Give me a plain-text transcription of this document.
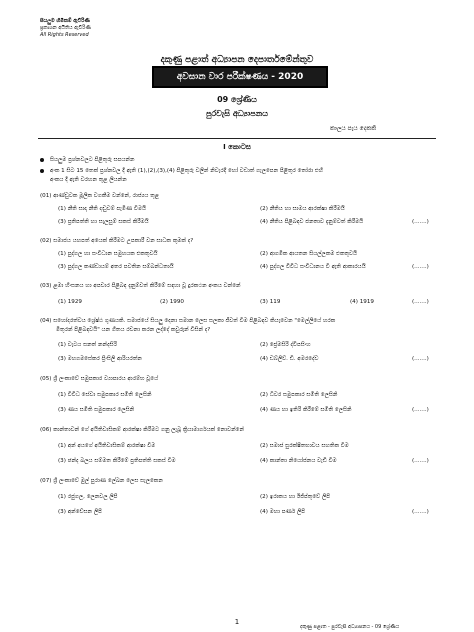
සියලුම හිමිකම් ඇවිරිණි
ප්‍රකාශන අයිතිය ඇවිරිණි
All Rights Reserved
දකුණු පළාත් අධ්‍යාපන දෙපාර්තමේන්තුව
අවසාන වාර පරීක්ෂණය - 2020
09 ශ්‍රේණිය
පුරවැසි අධ්‍යාපනය
කාලය පැය දෙකකි
I කොටස
සියලුම ප්‍රශ්නවලට පිළිතුරු සපයන්න
අංක 1 සිට 15 තෙක් ප්‍රශ්නවල දී ඇති (1),(2),(3),(4) පිළිතුරු වලින් නිවැරදි හෝ වඩාත් ගැලපෙන පිළිතුර තෝරා එහි
අංකය දී ඇති වරහන තුළ ලියන්න
(01) ආණ්ඩුවක මූලික වගකීම වන්නේ, රාජ්‍යය තුළ
(1) නීති සාදා නීති දඬුවම් පැමිණ වීමයි	(2) නීතිය හා සාමය ආරක්ෂා කිරීමයි
(3) ප්‍රතිපත්ති හා සැලසුම් සකස් කිරීමයි	(4) නීතිය පිළිබඳව ජනතාව දැනුම්වත් කිරීමයි	(.......)
(02) සමාජය යහපත් අයෙක් කිරීමට උපකාරී වන සාධක කුමක් ද?
(1) පුද්ගල හා සංවිධාන සමුහයක එකතුවයි	(2) ආගමික ආයතන සියල්ලකම එකතුවයි
(3) පුද්ගල කණ්ඩායම් අතර පවතින සම්බන්ධතායි	(4) පුද්ගල විවිධ සංවිධානය වී ඇති ආකාරයයි	(.......)
(03) ළමා හිංසනය හා අපචාර පිළිබඳ දැනුම්වත් කිරීමේ සඳහා වූ දුරකථන අංකය වන්නේ
(1) 1929	(2) 1990	(3) 119	(4) 1919	(.......)
(04) සහෝදරත්වය ශ්‍රේෂ්ඨ ගුණයකි. සමාජයේ සියලු දෙනා සමාන ලෙස සලකා ජීවත් වීම පිළිබඳව කියැවෙන "මෙල්ලියේ හරක
මිතුරන් පිළිබඳවයි" යන ගීතය රචනා කරන ලද්දේ කවුරුන් විසින් ද?
(1) වැටය සනත් නන්දසිරි	(2) ප්‍රේමසිරි ද්වීපසිංහ
(3) මහගමසේකර ප්‍රිංසිලි ආරියරත්න	(4) ඩබ්ලිව්. ඩී. අමරදේව	(.......)
(05) ශ්‍රී ලංකාවේ සමුපකාර ව්‍යාපාරය ආරම්භ වූයේ
(1) වීවිධ සේවා සමුපකාර සමිති ලෙසිනි	(2) ධීවර සමුපකාර සමිති ලෙසිනි
(3) ණය සමිති සමුපකාර ලෙසිනි	(4) ණය හා ඉතිරි කිරීමේ සමිති ලෙසිනි	(.......)
(06) කාන්තාවන් ගේ අයිතිවාසිකම් ආරක්ෂා කිරීමට ගනු ලැබූ ක්‍රියාමාර්ගයක් නොවන්නේ
(1) අන් අයගේ අයිතිවාසිකම් ආරක්ෂා වීම	(2) සමාජ සුරක්ෂිතභාවය සහතික වීම
(3) ඡන්ද බලය සම්මත කිරීමේ ප්‍රතිපත්ති සකස් වීම	(4) කාන්තා නියෝජනය වැඩි වීම	(.......)
(07) ශ්‍රී ලංකාවේ මුල් පුරාණ ලේඛන ලෙස සැලකෙන
(1) රජුගල, ලෙනවල ලිපි	(2) ඉරාකය හා ඊජිප්තුවේ ලිපි
(3) අන්වේසන ලිපි	(4) මහා පර්ණ ලිපි	(.......)
1
දකුණු පළාත - පුරවැසි අධ්‍යාපනය - 09 ශ්‍රේණිය
